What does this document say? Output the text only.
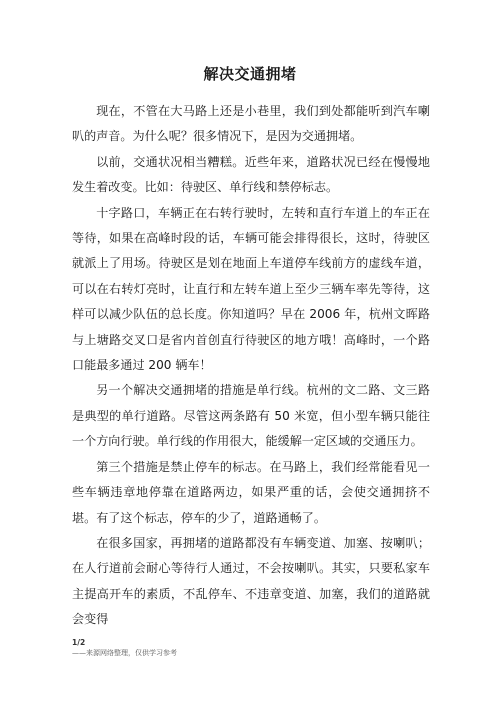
解决交通拥堵

现在，不管在大马路上还是小巷里，我们到处都能听到汽车喇叭的声音。为什么呢？很多情况下，是因为交通拥堵。

以前，交通状况相当糟糕。近些年来，道路状况已经在慢慢地发生着改变。比如：待驶区、单行线和禁停标志。

十字路口，车辆正在右转行驶时，左转和直行车道上的车正在等待，如果在高峰时段的话，车辆可能会排得很长，这时，待驶区就派上了用场。待驶区是划在地面上车道停车线前方的虚线车道，可以在右转灯亮时，让直行和左转车道上至少三辆车率先等待，这样可以减少队伍的总长度。你知道吗？早在 2006 年，杭州文晖路与上塘路交叉口是省内首创直行待驶区的地方哦！高峰时，一个路口能最多通过 200 辆车！

另一个解决交通拥堵的措施是单行线。杭州的文二路、文三路是典型的单行道路。尽管这两条路有 50 米宽，但小型车辆只能往一个方向行驶。单行线的作用很大，能缓解一定区域的交通压力。

第三个措施是禁止停车的标志。在马路上，我们经常能看见一些车辆违章地停靠在道路两边，如果严重的话，会使交通拥挤不堪。有了这个标志，停车的少了，道路通畅了。

在很多国家，再拥堵的道路都没有车辆变道、加塞、按喇叭；在人行道前会耐心等待行人通过，不会按喇叭。其实，只要私家车主提高开车的素质，不乱停车、不违章变道、加塞，我们的道路就会变得

1/2
——来源网络整理，仅供学习参考
